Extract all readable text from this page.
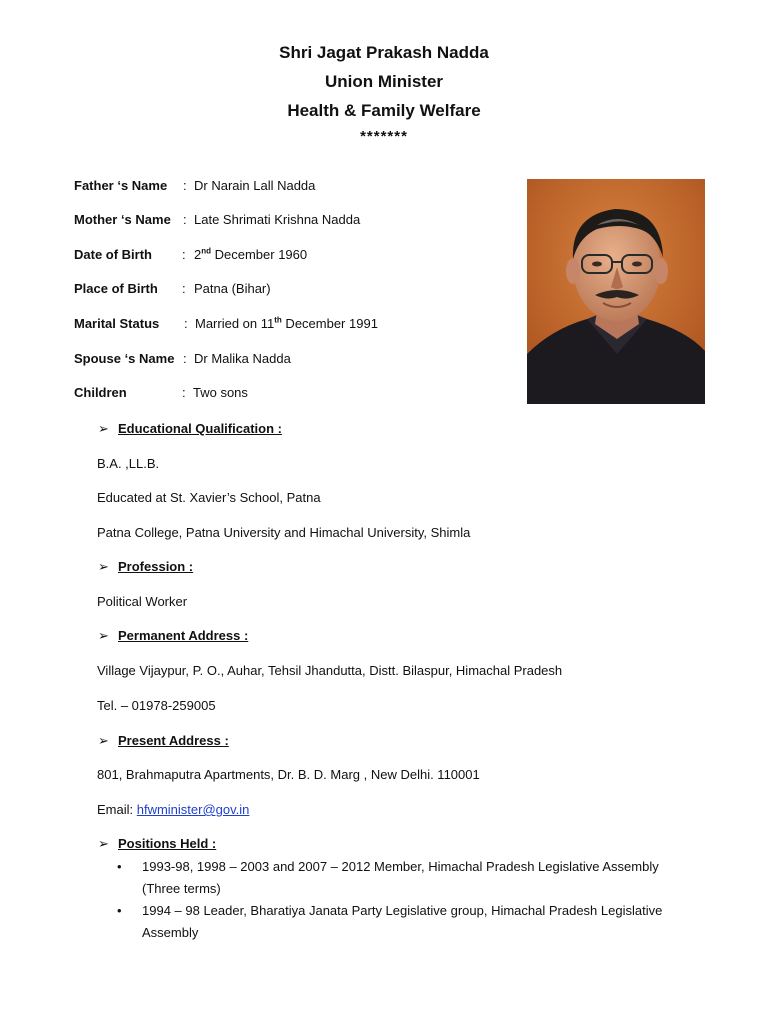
Shri Jagat Prakash Nadda
Union Minister
Health & Family Welfare
*******
Father ‘s Name : Dr Narain Lall Nadda
Mother ‘s Name : Late Shrimati Krishna Nadda
Date of Birth : 2nd December 1960
Place of Birth : Patna (Bihar)
Marital Status : Married on 11th December 1991
Spouse ‘s Name : Dr Malika Nadda
Children	: Two sons
➢ Educational Qualification :
B.A. ,LL.B.
Educated at St. Xavier’s School, Patna
Patna College, Patna University and Himachal University, Shimla
➢ Profession :
Political Worker
➢ Permanent Address :
Village Vijaypur, P. O., Auhar, Tehsil Jhandutta, Distt. Bilaspur, Himachal Pradesh
Tel. – 01978-259005
➢ Present Address :
801, Brahmaputra Apartments, Dr. B. D. Marg , New Delhi. 110001
Email: hfwminister@gov.in
➢ Positions Held :
• 1993-98, 1998 – 2003 and 2007 – 2012 Member, Himachal Pradesh Legislative Assembly
(Three terms)
• 1994 – 98 Leader, Bharatiya Janata Party Legislative group, Himachal Pradesh Legislative
Assembly
